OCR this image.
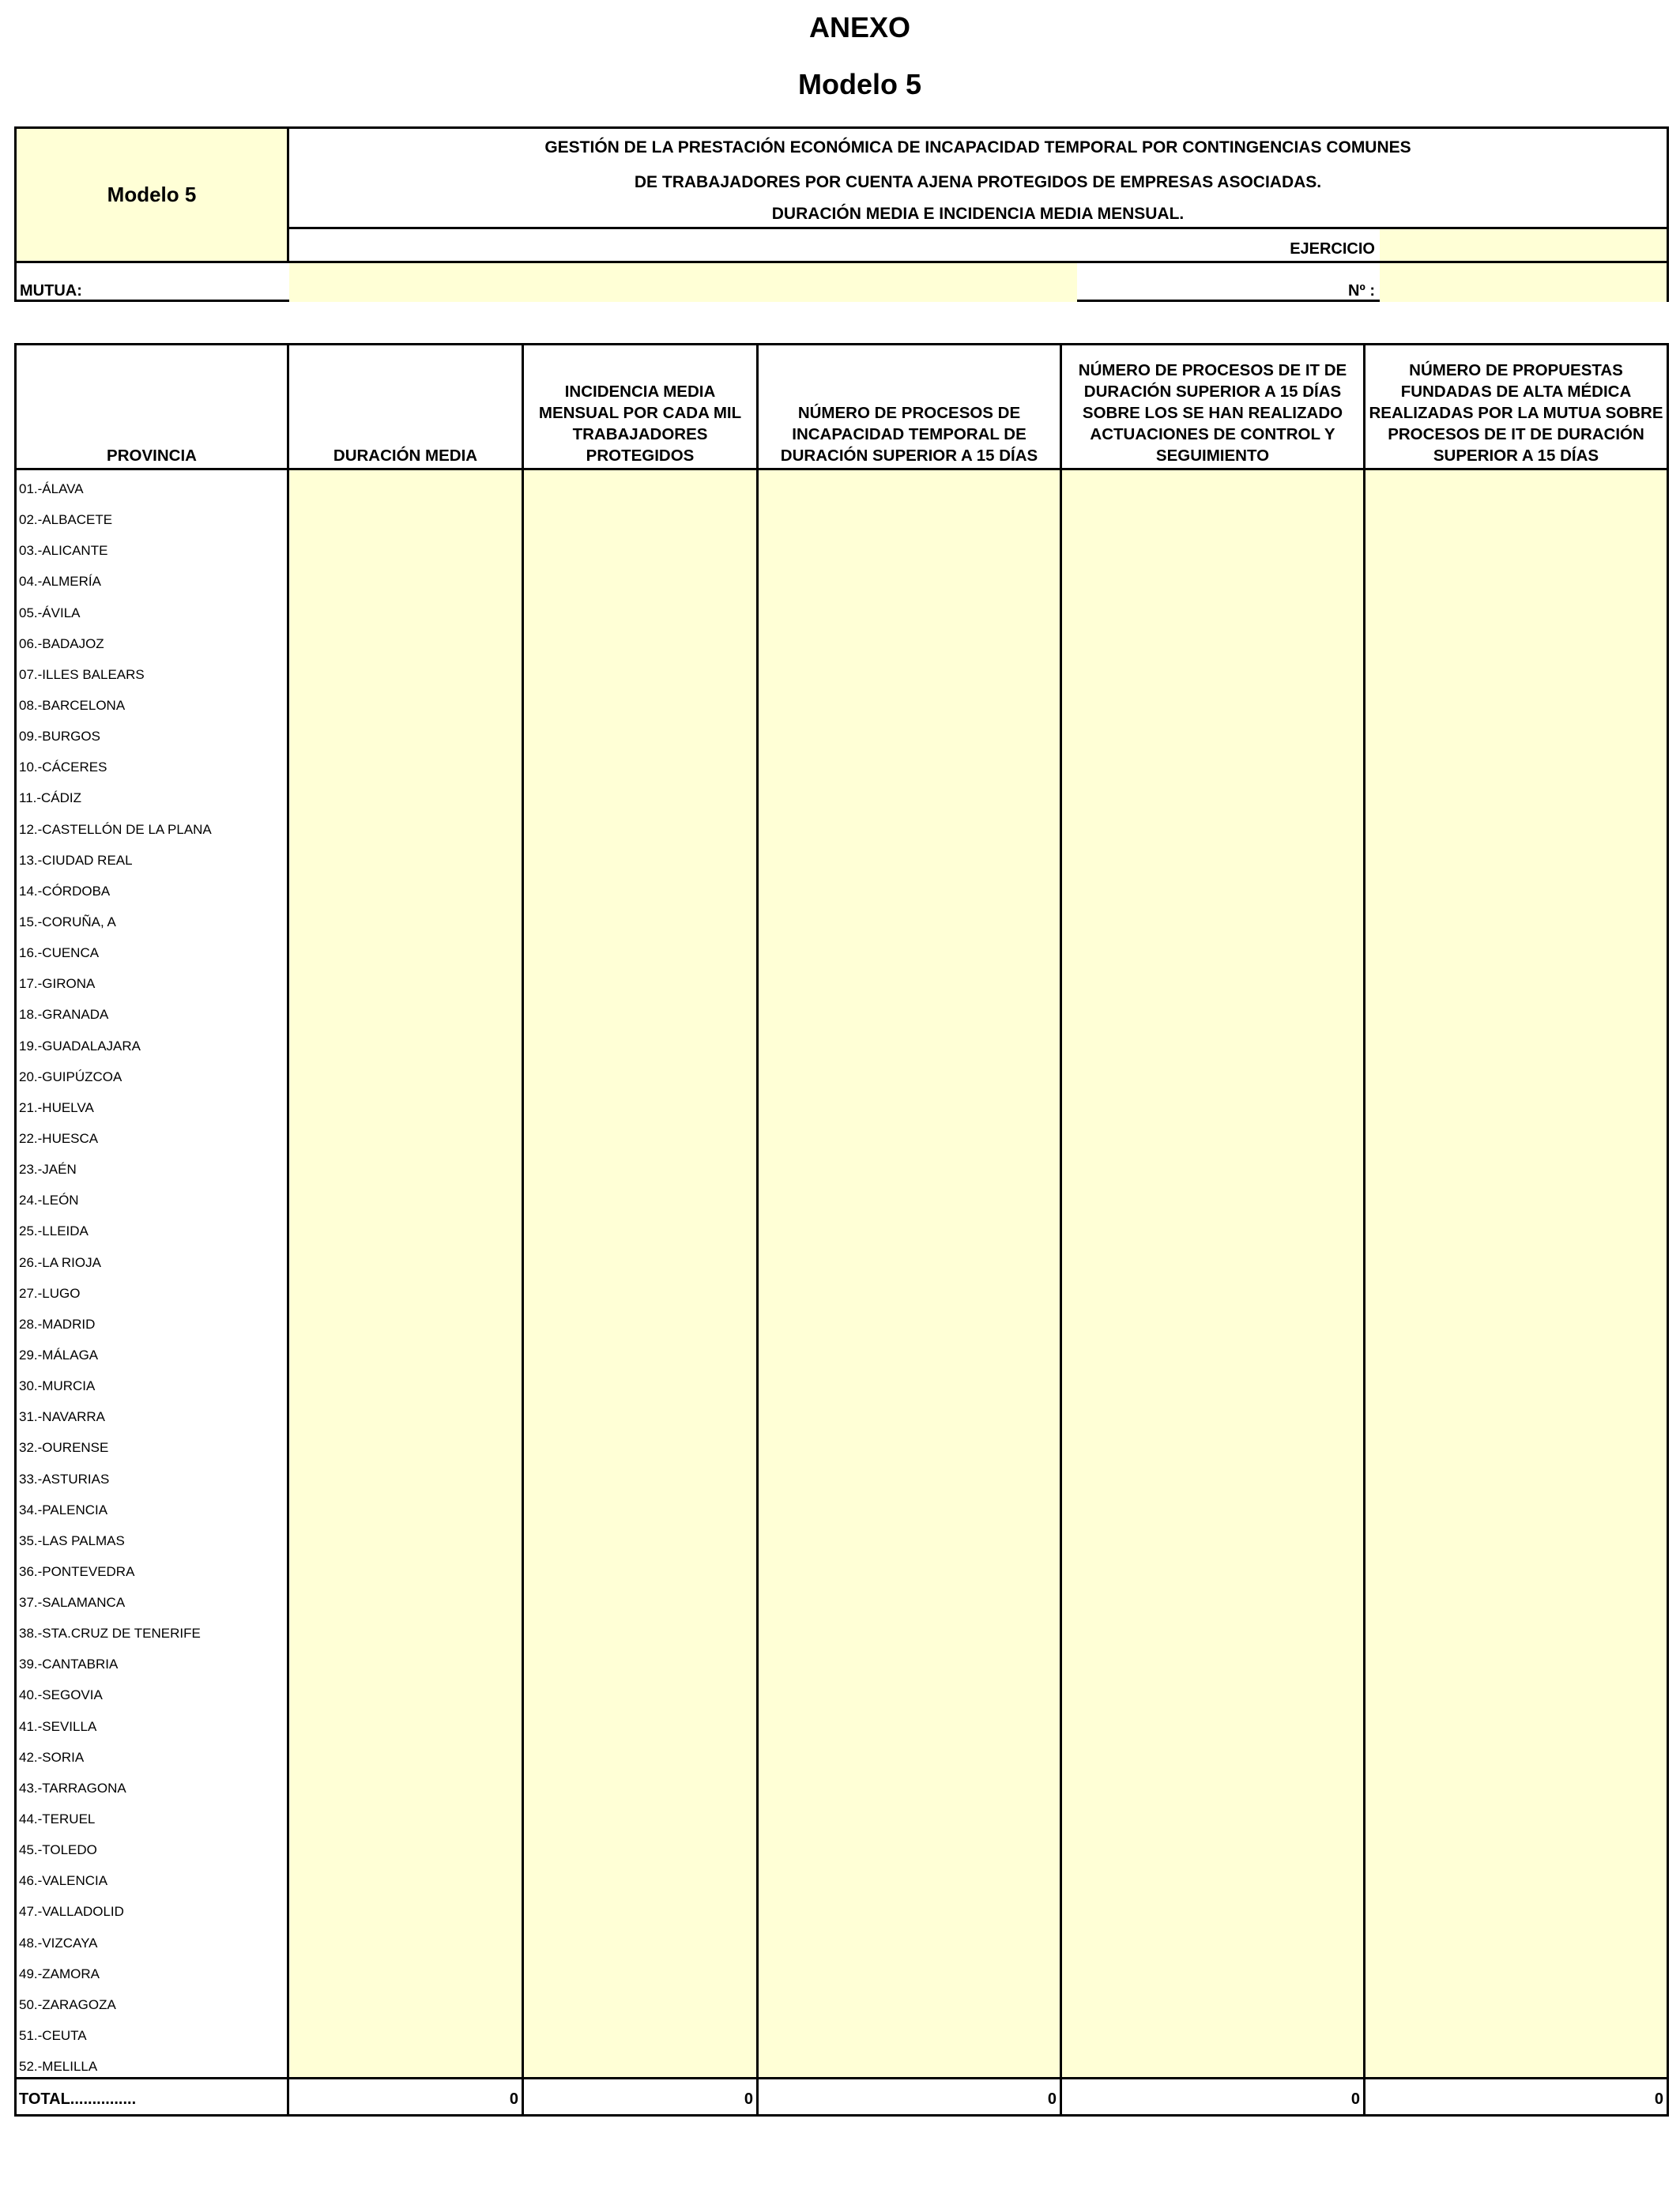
ANEXO
Modelo 5
Modelo 5
GESTIÓN DE LA PRESTACIÓN ECONÓMICA DE INCAPACIDAD TEMPORAL POR CONTINGENCIAS COMUNES
DE TRABAJADORES POR CUENTA AJENA PROTEGIDOS DE EMPRESAS ASOCIADAS.
DURACIÓN MEDIA E INCIDENCIA MEDIA MENSUAL.
EJERCICIO
MUTUA:	Nº :
PROVINCIA
01.-ÁLAVA
02.-ALBACETE
03.-ALICANTE
04.-ALMERÍA
05.-ÁVILA
06.-BADAJOZ
07.-ILLES BALEARS
08.-BARCELONA
09.-BURGOS
10.-CÁCERES
11.-CÁDIZ
12.-CASTELLÓN DE LA PLANA
13.-CIUDAD REAL
14.-CÓRDOBA
15.-CORUÑA, A
16.-CUENCA
17.-GIRONA
18.-GRANADA
19.-GUADALAJARA
20.-GUIPÚZCOA
21.-HUELVA
22.-HUESCA
23.-JAÉN
24.-LEÓN
25.-LLEIDA
26.-LA RIOJA
27.-LUGO
28.-MADRID
29.-MÁLAGA
30.-MURCIA
31.-NAVARRA
32.-OURENSE
33.-ASTURIAS
34.-PALENCIA
35.-LAS PALMAS
36.-PONTEVEDRA
37.-SALAMANCA
38.-STA.CRUZ DE TENERIFE
39.-CANTABRIA
40.-SEGOVIA
41.-SEVILLA
42.-SORIA
43.-TARRAGONA
44.-TERUEL
45.-TOLEDO
46.-VALENCIA
47.-VALLADOLID
48.-VIZCAYA
49.-ZAMORA
50.-ZARAGOZA
51.-CEUTA
52.-MELILLA
TOTAL...............
DURACIÓN MEDIA
0
INCIDENCIA MEDIA MENSUAL POR CADA MIL TRABAJADORES PROTEGIDOS
0
NÚMERO DE PROCESOS DE INCAPACIDAD TEMPORAL DE DURACIÓN SUPERIOR A 15 DÍAS
0
NÚMERO DE PROCESOS DE IT DE DURACIÓN SUPERIOR A 15 DÍAS SOBRE LOS SE HAN REALIZADO ACTUACIONES DE CONTROL Y SEGUIMIENTO
0
NÚMERO DE PROPUESTAS FUNDADAS DE ALTA MÉDICA REALIZADAS POR LA MUTUA SOBRE PROCESOS DE IT DE DURACIÓN SUPERIOR A 15 DÍAS
0
